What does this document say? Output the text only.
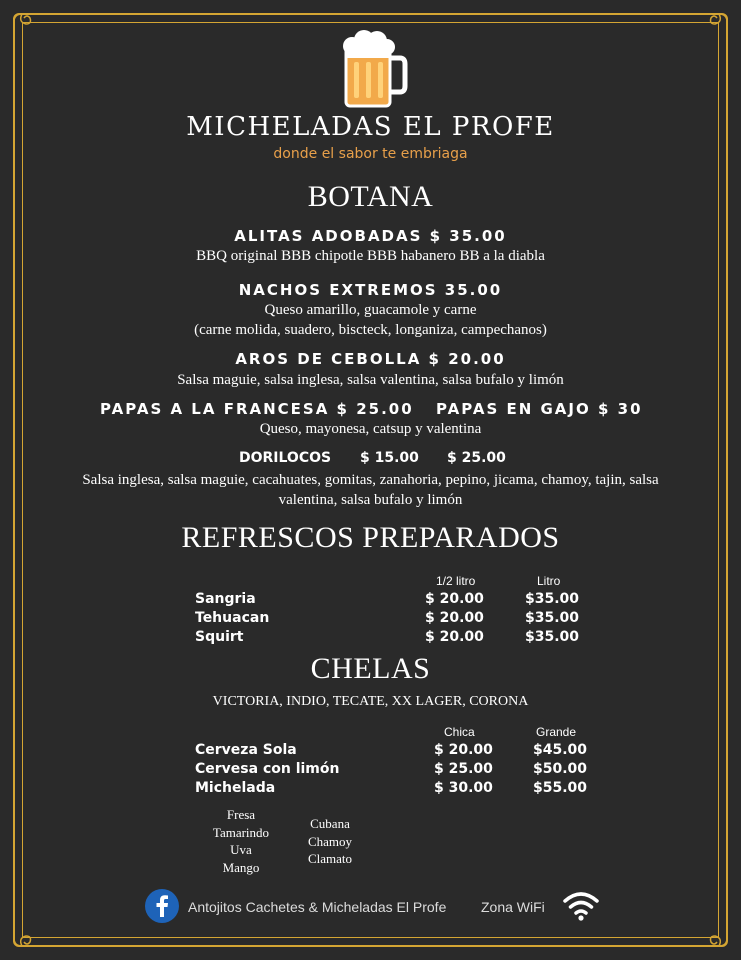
MICHELADAS EL PROFE
donde el sabor te embriaga
BOTANA
ALITAS ADOBADAS $ 35.00
BBQ original BBB chipotle BBB habanero BB a la diabla
NACHOS EXTREMOS 35.00
Queso amarillo, guacamole y carne
(carne molida, suadero, biscteck, longaniza, campechanos)
AROS DE CEBOLLA $ 20.00
Salsa maguie, salsa inglesa, salsa valentina, salsa bufalo y limón
PAPAS A LA FRANCESA $ 25.00 PAPAS EN GAJO $ 30
Queso, mayonesa, catsup y valentina
DORILOCOS $ 15.00 $ 25.00
Salsa inglesa, salsa maguie, cacahuates, gomitas, zanahoria, pepino, jicama, chamoy, tajin, salsa
valentina, salsa bufalo y limón
REFRESCOS PREPARADOS
1/2 litro	Litro
Sangria	$ 20.00	$35.00
Tehuacan	$ 20.00	$35.00
Squirt	$ 20.00	$35.00
CHELAS
VICTORIA, INDIO, TECATE, XX LAGER, CORONA
Chica	Grande
Cerveza Sola	$ 20.00	$45.00
Cervesa con limón	$ 25.00	$50.00
Michelada	$ 30.00	$55.00
Fresa
Tamarindo
Uva
Mango
Cubana
Chamoy
Clamato
Antojitos Cachetes & Micheladas El Profe Zona WiFi
